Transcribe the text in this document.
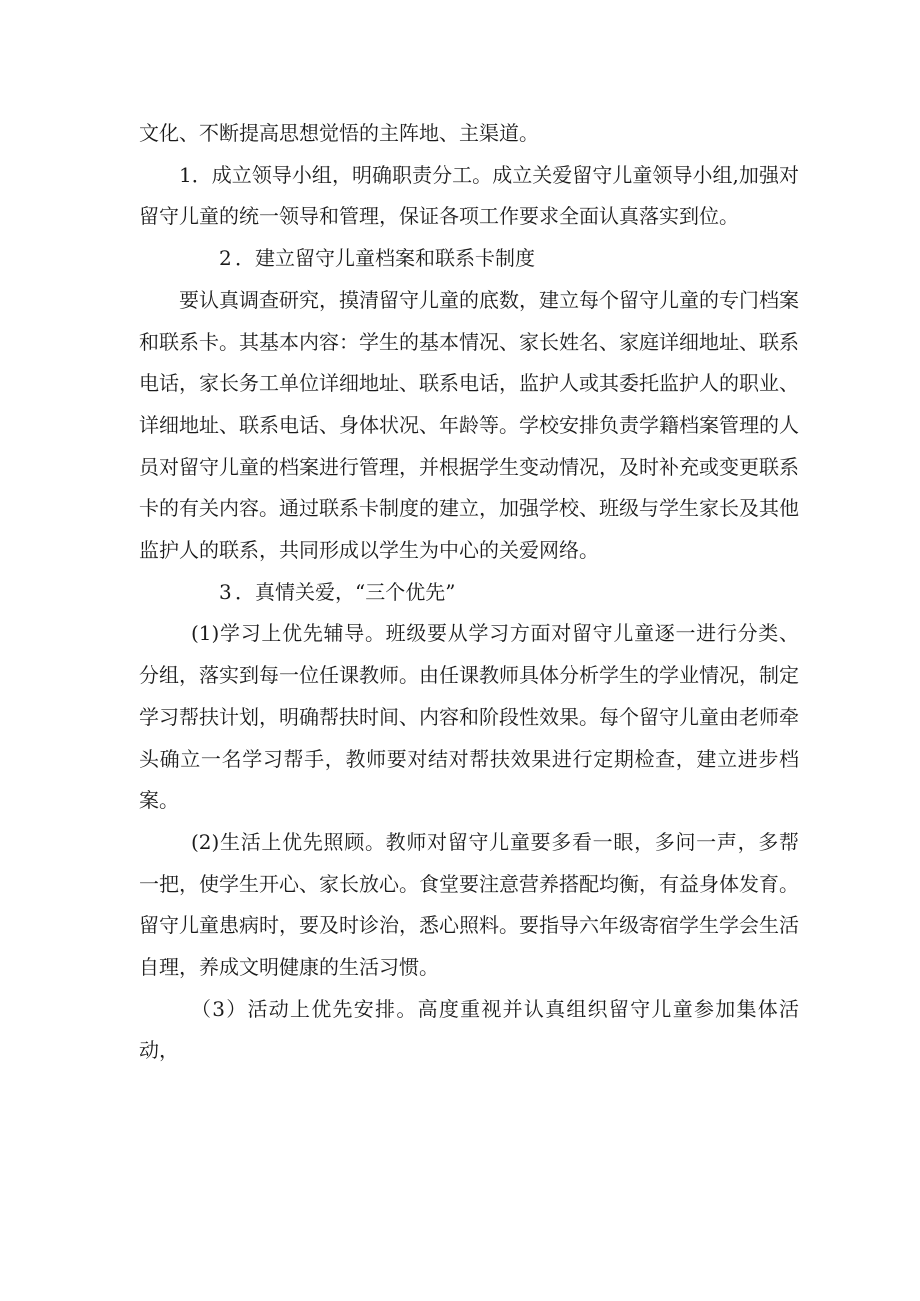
文化、不断提高思想觉悟的主阵地、主渠道。

1．成立领导小组，明确职责分工。成立关爱留守儿童领导小组,加强对留守儿童的统一领导和管理，保证各项工作要求全面认真落实到位。

2 ．建立留守儿童档案和联系卡制度

要认真调查研究，摸清留守儿童的底数，建立每个留守儿童的专门档案和联系卡。其基本内容：学生的基本情况、家长姓名、家庭详细地址、联系电话，家长务工单位详细地址、联系电话，监护人或其委托监护人的职业、详细地址、联系电话、身体状况、年龄等。学校安排负责学籍档案管理的人员对留守儿童的档案进行管理，并根据学生变动情况，及时补充或变更联系卡的有关内容。通过联系卡制度的建立，加强学校、班级与学生家长及其他监护人的联系，共同形成以学生为中心的关爱网络。

3 ．真情关爱，“三个优先”

(1)学习上优先辅导。班级要从学习方面对留守儿童逐一进行分类、分组，落实到每一位任课教师。由任课教师具体分析学生的学业情况，制定学习帮扶计划，明确帮扶时间、内容和阶段性效果。每个留守儿童由老师牵头确立一名学习帮手，教师要对结对帮扶效果进行定期检查，建立进步档案。

(2)生活上优先照顾。教师对留守儿童要多看一眼，多问一声，多帮一把，使学生开心、家长放心。食堂要注意营养搭配均衡，有益身体发育。留守儿童患病时，要及时诊治，悉心照料。要指导六年级寄宿学生学会生活自理，养成文明健康的生活习惯。

（3）活动上优先安排。高度重视并认真组织留守儿童参加集体活动，
